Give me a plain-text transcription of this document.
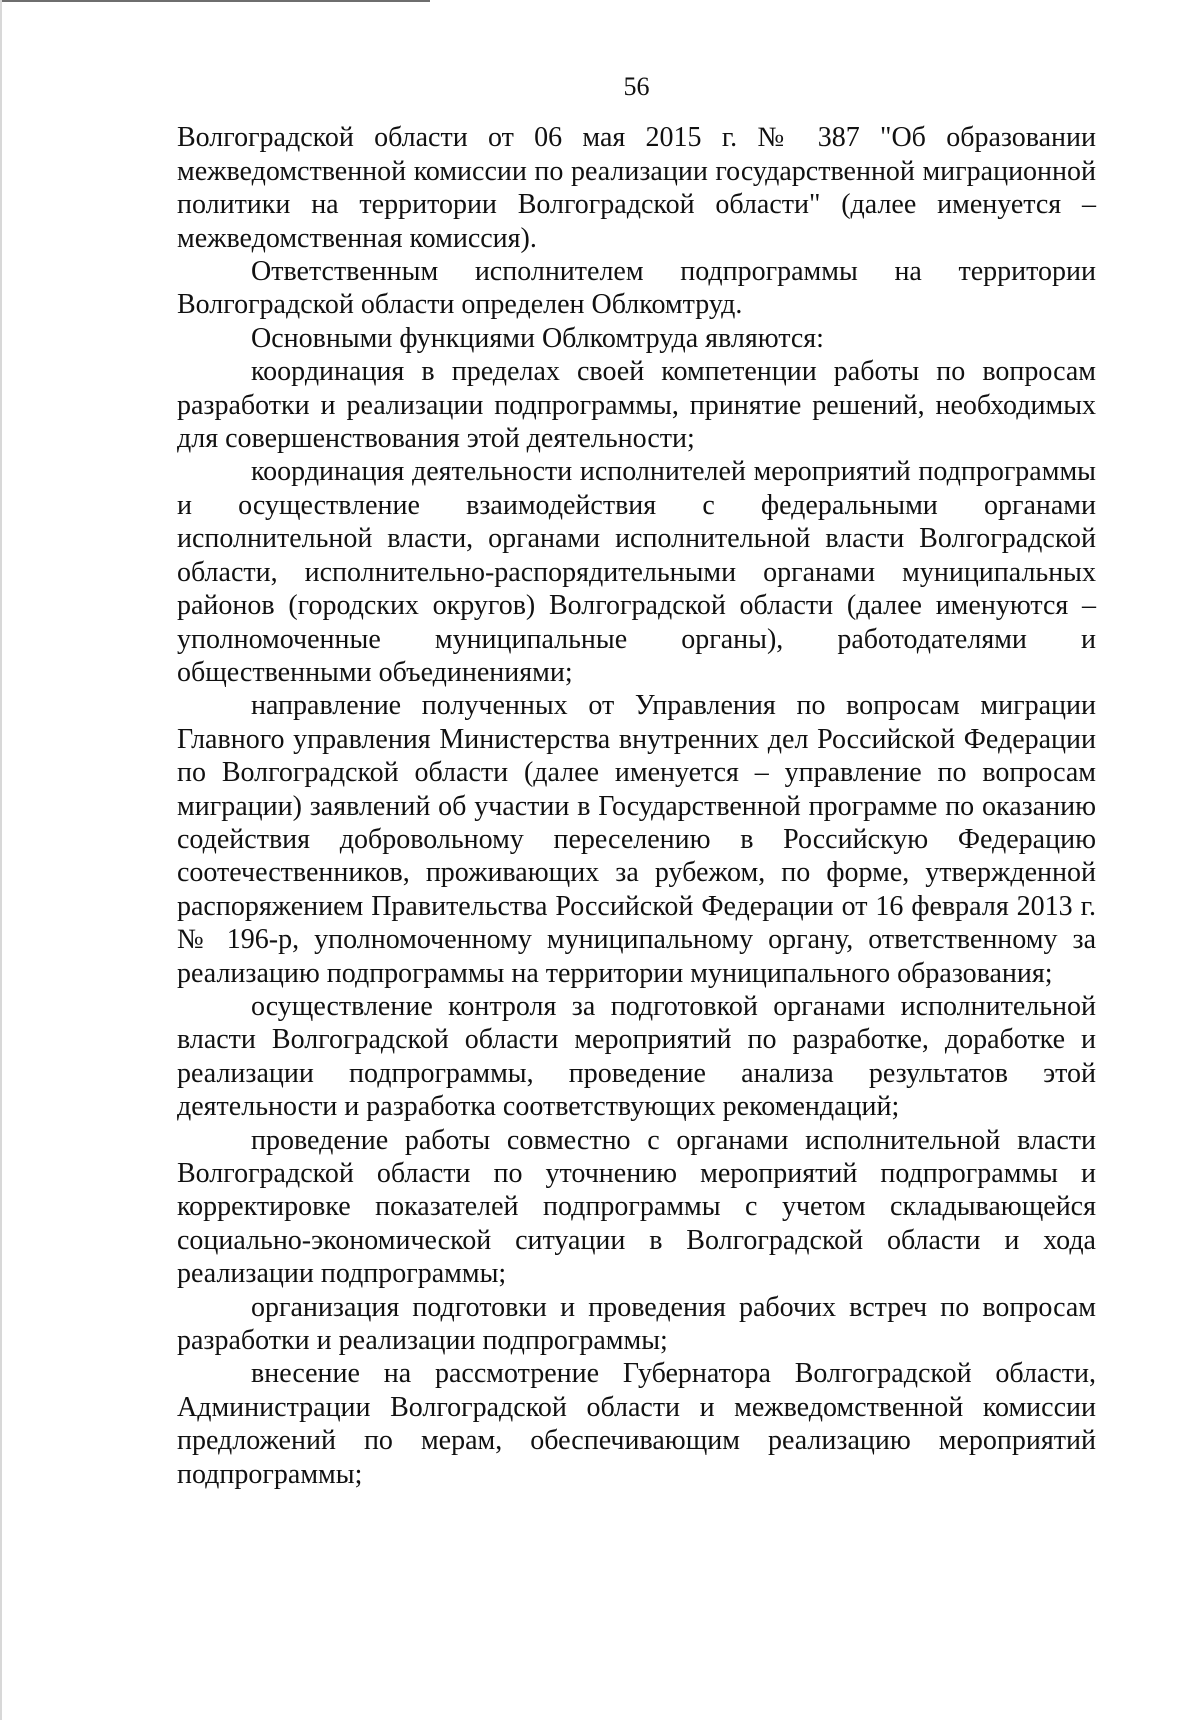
56

Волгоградской области от 06 мая 2015 г. № 387 "Об образовании межведомственной комиссии по реализации государственной миграционной политики на территории Волгоградской области" (далее именуется – межведомственная комиссия).

Ответственным исполнителем подпрограммы на территории Волгоградской области определен Облкомтруд.

Основными функциями Облкомтруда являются:

координация в пределах своей компетенции работы по вопросам разработки и реализации подпрограммы, принятие решений, необходимых для совершенствования этой деятельности;

координация деятельности исполнителей мероприятий подпрограммы и осуществление взаимодействия с федеральными органами исполнительной власти, органами исполнительной власти Волгоградской области, исполнительно-распорядительными органами муниципальных районов (городских округов) Волгоградской области (далее именуются – уполномоченные муниципальные органы), работодателями и общественными объединениями;

направление полученных от Управления по вопросам миграции Главного управления Министерства внутренних дел Российской Федерации по Волгоградской области (далее именуется – управление по вопросам миграции) заявлений об участии в Государственной программе по оказанию содействия добровольному переселению в Российскую Федерацию соотечественников, проживающих за рубежом, по форме, утвержденной распоряжением Правительства Российской Федерации от 16 февраля 2013 г. № 196-р, уполномоченному муниципальному органу, ответственному за реализацию подпрограммы на территории муниципального образования;

осуществление контроля за подготовкой органами исполнительной власти Волгоградской области мероприятий по разработке, доработке и реализации подпрограммы, проведение анализа результатов этой деятельности и разработка соответствующих рекомендаций;

проведение работы совместно с органами исполнительной власти Волгоградской области по уточнению мероприятий подпрограммы и корректировке показателей подпрограммы с учетом складывающейся социально-экономической ситуации в Волгоградской области и хода реализации подпрограммы;

организация подготовки и проведения рабочих встреч по вопросам разработки и реализации подпрограммы;

внесение на рассмотрение Губернатора Волгоградской области, Администрации Волгоградской области и межведомственной комиссии предложений по мерам, обеспечивающим реализацию мероприятий подпрограммы;
